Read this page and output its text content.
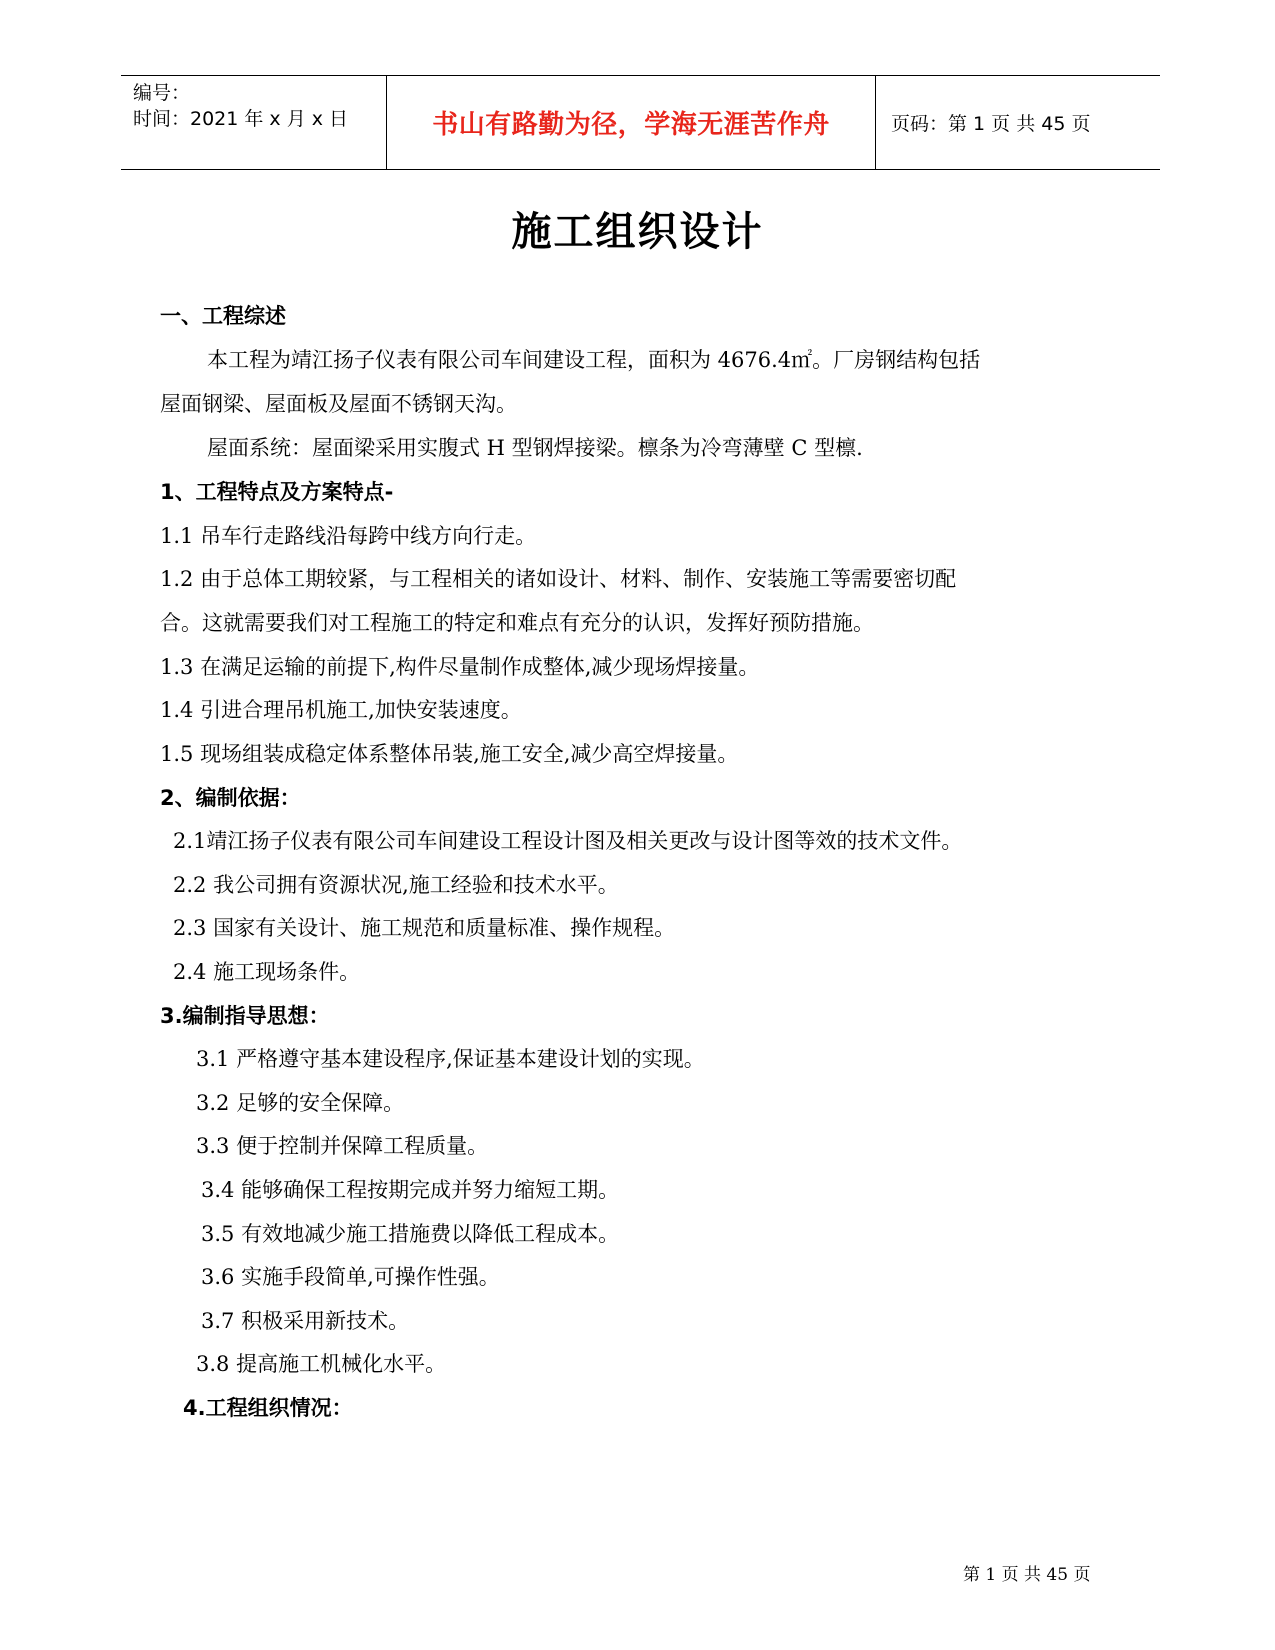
编号：
时间：2021 年 x 月 x 日	书山有路勤为径，学海无涯苦作舟	页码：第 1 页 共 45 页
施工组织设计
一、工程综述
本工程为靖江扬子仪表有限公司车间建设工程，面积为 4676.4㎡。厂房钢结构包括
屋面钢梁、屋面板及屋面不锈钢天沟。
屋面系统：屋面梁采用实腹式 H 型钢焊接梁。檩条为冷弯薄壁 C 型檩.
1、工程特点及方案特点-
1.1 吊车行走路线沿每跨中线方向行走。
1.2 由于总体工期较紧，与工程相关的诸如设计、材料、制作、安装施工等需要密切配
合。这就需要我们对工程施工的特定和难点有充分的认识，发挥好预防措施。
1.3 在满足运输的前提下,构件尽量制作成整体,减少现场焊接量。
1.4 引进合理吊机施工,加快安装速度。
1.5 现场组装成稳定体系整体吊装,施工安全,减少高空焊接量。
2、编制依据：
2.1靖江扬子仪表有限公司车间建设工程设计图及相关更改与设计图等效的技术文件。
2.2 我公司拥有资源状况,施工经验和技术水平。
2.3 国家有关设计、施工规范和质量标准、操作规程。
2.4 施工现场条件。
3.编制指导思想：
3.1 严格遵守基本建设程序,保证基本建设计划的实现。
3.2 足够的安全保障。
3.3 便于控制并保障工程质量。
3.4 能够确保工程按期完成并努力缩短工期。
3.5 有效地减少施工措施费以降低工程成本。
3.6 实施手段简单,可操作性强。
3.7 积极采用新技术。
3.8 提高施工机械化水平。
4.工程组织情况：
第 1 页 共 45 页
